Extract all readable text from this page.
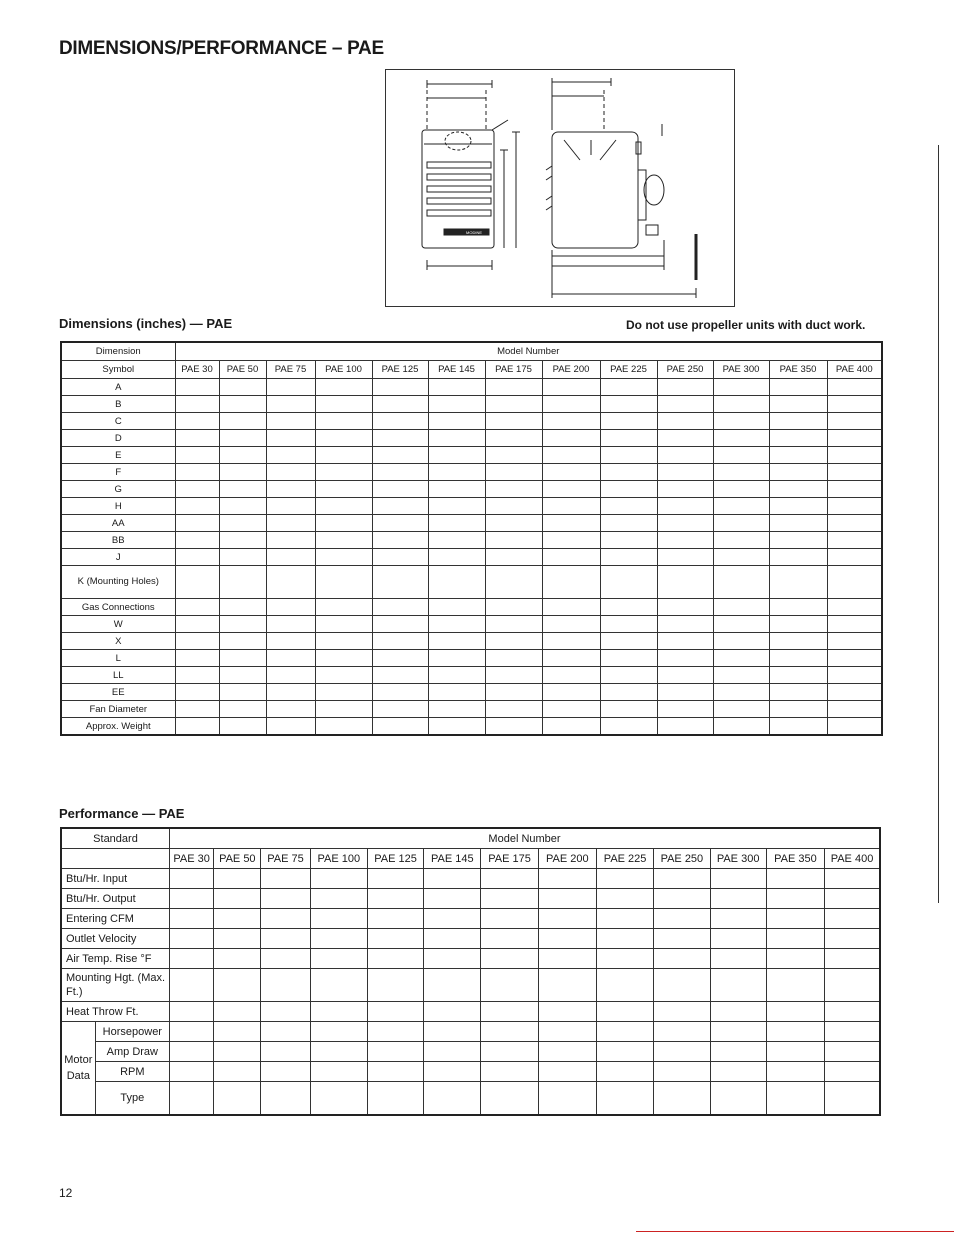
DIMENSIONS/PERFORMANCE – PAE
MODINE
Dimensions (inches) — PAE	Do not use propeller units with duct work.
Dimension	Model Number												
Symbol	PAE 30	PAE 50	PAE 75	PAE 100	PAE 125	PAE 145	PAE 175	PAE 200	PAE 225	PAE 250	PAE 300	PAE 350	PAE 400
A													
B													
C													
D													
E													
F													
G													
H													
AA													
BB													
J													
K (Mounting Holes)													
Gas Connections													
W													
X													
L													
LL													
EE													
Fan Diameter													
Approx. Weight													
Performance — PAE
Standard		Model Number												
		PAE 30	PAE 50	PAE 75	PAE 100	PAE 125	PAE 145	PAE 175	PAE 200	PAE 225	PAE 250	PAE 300	PAE 350	PAE 400
Btu/Hr. Input														
Btu/Hr. Output														
Entering CFM														
Outlet Velocity														
Air Temp. Rise °F														
Mounting Hgt. (Max. Ft.)														
Heat Throw Ft.														
Motor Data	Horsepower													
	Amp Draw													
	RPM													
	Type													
12
